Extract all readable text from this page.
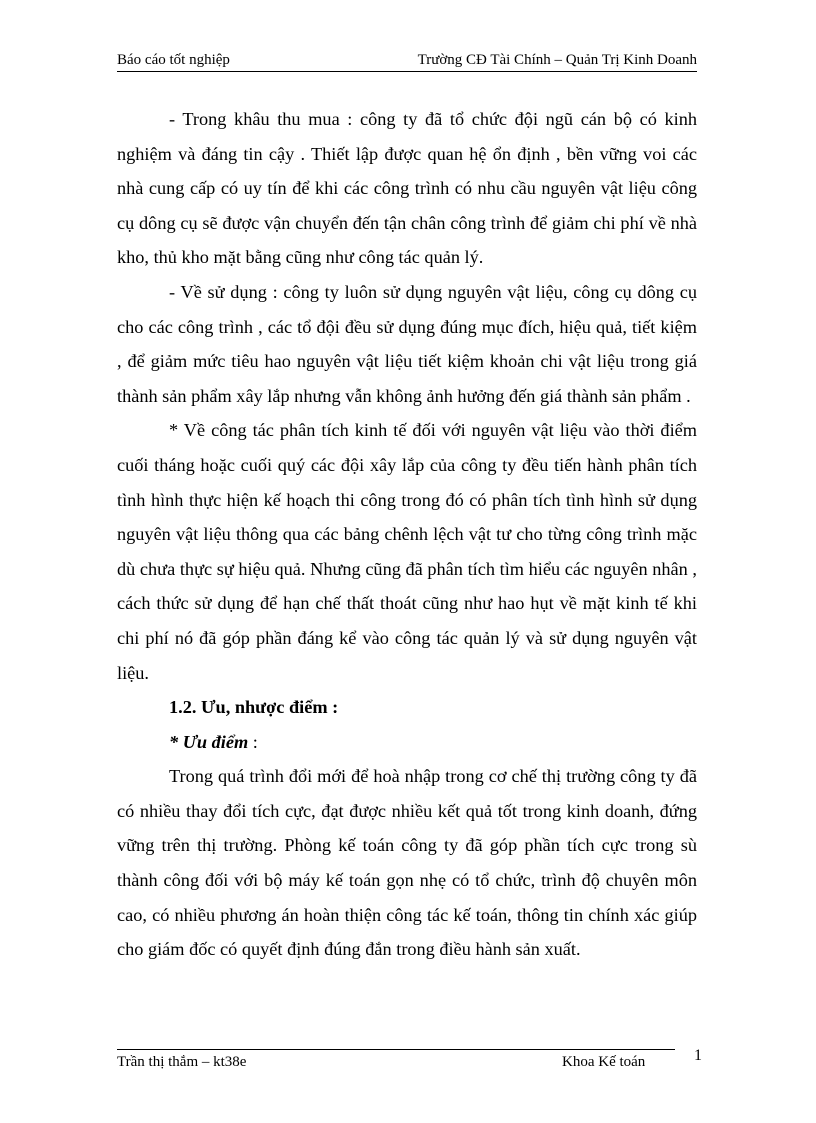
Báo cáo tốt nghiệp	Trường CĐ Tài Chính – Quản Trị Kinh Doanh

- Trong khâu thu mua : công ty đã tổ chức đội ngũ cán bộ có kinh nghiệm và đáng tin cậy . Thiết lập được quan hệ ổn định , bền vững voi các nhà cung cấp có uy tín để khi các công trình có nhu cầu nguyên vật liệu công cụ dông cụ sẽ được vận chuyển đến tận chân công trình để giảm chi phí về nhà kho, thủ kho mặt bằng cũng như công tác quản lý.

- Về sử dụng : công ty luôn sử dụng nguyên vật liệu, công cụ dông cụ cho các công trình , các tổ đội đều sử dụng đúng mục đích, hiệu quả, tiết kiệm , để giảm mức tiêu hao nguyên vật liệu tiết kiệm khoản chi vật liệu trong giá thành sản phẩm xây lắp nhưng vẫn không ảnh hưởng đến giá thành sản phẩm .

* Về công tác phân tích kinh tế đối với nguyên vật liệu vào thời điểm cuối tháng hoặc cuối quý các đội xây lắp của công ty đều tiến hành phân tích tình hình thực hiện kế hoạch thi công trong đó có phân tích tình hình sử dụng nguyên vật liệu thông qua các bảng chênh lệch vật tư cho từng công trình mặc dù chưa thực sự hiệu quả. Nhưng cũng đã phân tích tìm hiểu các nguyên nhân , cách thức sử dụng để hạn chế thất thoát cũng như hao hụt về mặt kinh tế khi chi phí nó đã góp phần đáng kể vào công tác quản lý và sử dụng nguyên vật liệu.

1.2. Ưu, nhược điểm :

* Ưu điểm :

Trong quá trình đổi mới để hoà nhập trong cơ chế thị trường công ty đã có nhiều thay đổi tích cực, đạt được nhiều kết quả tốt trong kinh doanh, đứng vững trên thị trường. Phòng kế toán công ty đã góp phần tích cực trong sù thành công đối với bộ máy kế toán gọn nhẹ có tổ chức, trình độ chuyên môn cao, có nhiều phương án hoàn thiện công tác kế toán, thông tin chính xác giúp cho giám đốc có quyết định đúng đắn trong điều hành sản xuất.

Trần thị thắm – kt38e	Khoa Kế toán	1
